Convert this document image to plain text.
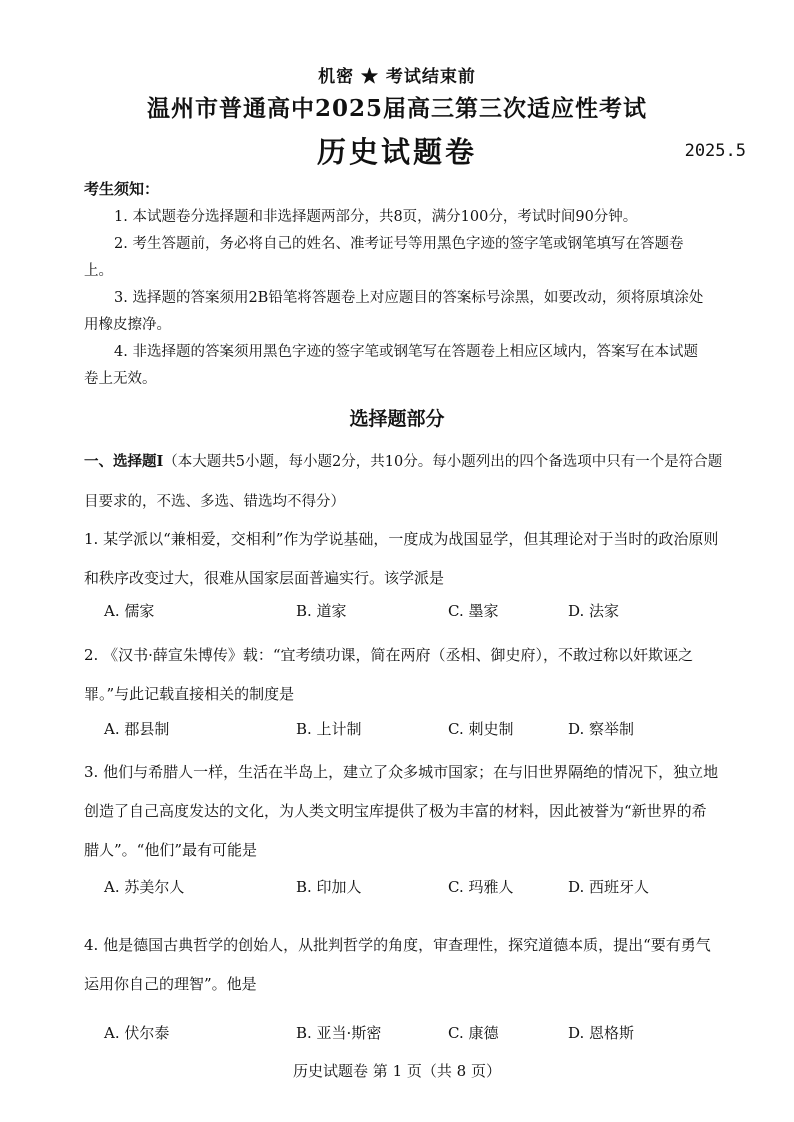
机密 ★ 考试结束前
温州市普通高中2025届高三第三次适应性考试
历史试题卷	2025.5
考生须知：
1. 本试题卷分选择题和非选择题两部分，共8页，满分100分，考试时间90分钟。
2. 考生答题前，务必将自己的姓名、准考证号等用黑色字迹的签字笔或钢笔填写在答题卷上。
3. 选择题的答案须用2B铅笔将答题卷上对应题目的答案标号涂黑，如要改动，须将原填涂处用橡皮擦净。
4. 非选择题的答案须用黑色字迹的签字笔或钢笔写在答题卷上相应区域内，答案写在本试题卷上无效。
选择题部分
一、选择题Ⅰ（本大题共5小题，每小题2分，共10分。每小题列出的四个备选项中只有一个是符合题目要求的，不选、多选、错选均不得分）
1. 某学派以“兼相爱，交相利”作为学说基础，一度成为战国显学，但其理论对于当时的政治原则和秩序改变过大，很难从国家层面普遍实行。该学派是
A. 儒家	B. 道家	C. 墨家	D. 法家
2. 《汉书·薛宣朱博传》载：“宜考绩功课，简在两府（丞相、御史府），不敢过称以奸欺诬之罪。”与此记载直接相关的制度是
A. 郡县制	B. 上计制	C. 刺史制	D. 察举制
3. 他们与希腊人一样，生活在半岛上，建立了众多城市国家；在与旧世界隔绝的情况下，独立地创造了自己高度发达的文化，为人类文明宝库提供了极为丰富的材料，因此被誉为“新世界的希腊人”。“他们”最有可能是
A. 苏美尔人	B. 印加人	C. 玛雅人	D. 西班牙人
4. 他是德国古典哲学的创始人，从批判哲学的角度，审查理性，探究道德本质，提出“要有勇气运用你自己的理智”。他是
A. 伏尔泰	B. 亚当·斯密	C. 康德	D. 恩格斯
历史试题卷 第 1 页（共 8 页）
